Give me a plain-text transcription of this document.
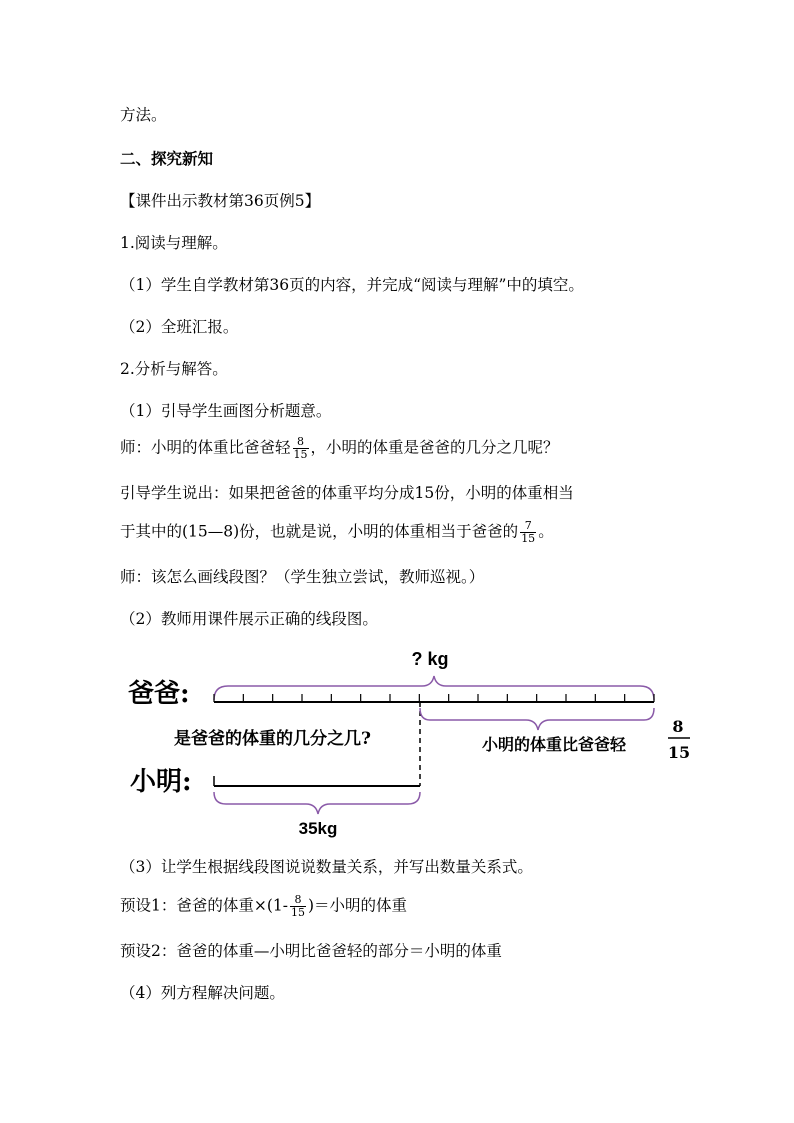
方法。
二、探究新知
【课件出示教材第36页例5】
1.阅读与理解。
（1）学生自学教材第36页的内容，并完成“阅读与理解”中的填空。
（2）全班汇报。
2.分析与解答。
（1）引导学生画图分析题意。
师：小明的体重比爸爸轻 $\frac{8}{15}$ ，小明的体重是爸爸的几分之几呢？
引导学生说出：如果把爸爸的体重平均分成15份，小明的体重相当
于其中的(15—8)份，也就是说，小明的体重相当于爸爸的 $\frac{7}{15}$ 。
师：该怎么画线段图？（学生独立尝试，教师巡视。）
（2）教师用课件展示正确的线段图。
? kg
爸爸:
是爸爸的体重的几分之几?	小明的体重比爸爸轻
8
15
小明:
35kg
（3）让学生根据线段图说说数量关系，并写出数量关系式。
预设1：爸爸的体重$\times(1- \frac{8}{15}$ )＝小明的体重
预设2：爸爸的体重—小明比爸爸轻的部分＝小明的体重
（4）列方程解决问题。
